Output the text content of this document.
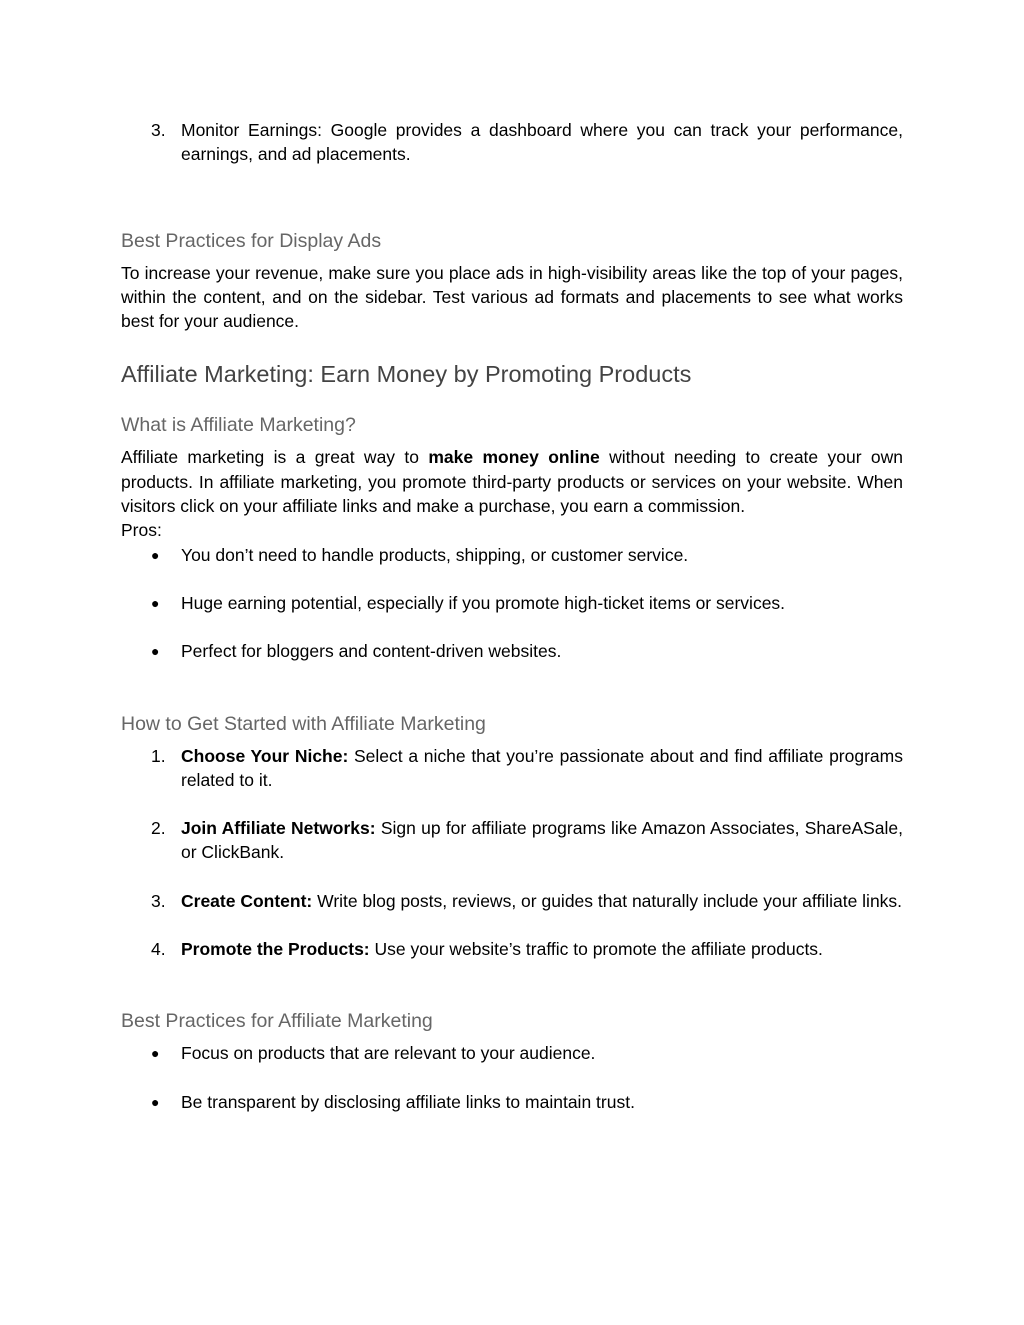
3. Monitor Earnings: Google provides a dashboard where you can track your performance, earnings, and ad placements.
Best Practices for Display Ads

To increase your revenue, make sure you place ads in high-visibility areas like the top of your pages, within the content, and on the sidebar. Test various ad formats and placements to see what works best for your audience.

Affiliate Marketing: Earn Money by Promoting Products
What is Affiliate Marketing?

Affiliate marketing is a great way to make money online without needing to create your own products. In affiliate marketing, you promote third-party products or services on your website. When visitors click on your affiliate links and make a purchase, you earn a commission.

Pros:

● You don’t need to handle products, shipping, or customer service.
● Huge earning potential, especially if you promote high-ticket items or services.
● Perfect for bloggers and content-driven websites.
How to Get Started with Affiliate Marketing
1. Choose Your Niche: Select a niche that you’re passionate about and find affiliate programs related to it.
2. Join Affiliate Networks: Sign up for affiliate programs like Amazon Associates, ShareASale, or ClickBank.
3. Create Content: Write blog posts, reviews, or guides that naturally include your affiliate links.
4. Promote the Products: Use your website’s traffic to promote the affiliate products.
Best Practices for Affiliate Marketing
● Focus on products that are relevant to your audience.
● Be transparent by disclosing affiliate links to maintain trust.
